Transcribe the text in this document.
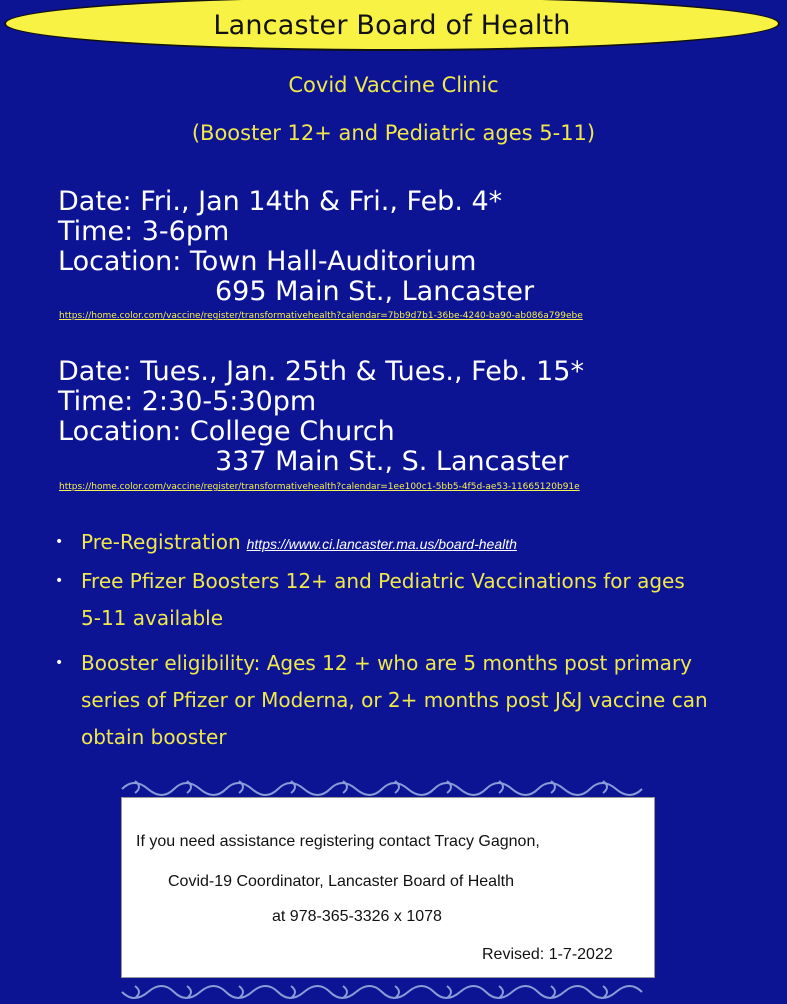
Lancaster Board of Health
Covid Vaccine Clinic
(Booster 12+ and Pediatric ages 5-11)
Date: Fri., Jan 14th & Fri., Feb. 4*
Time: 3-6pm
Location: Town Hall-Auditorium
695 Main St., Lancaster
https://home.color.com/vaccine/register/transformativehealth?calendar=7bb9d7b1-36be-4240-ba90-ab086a799ebe
Date: Tues., Jan. 25th & Tues., Feb. 15*
Time: 2:30-5:30pm
Location: College Church
337 Main St., S. Lancaster
https://home.color.com/vaccine/register/transformativehealth?calendar=1ee100c1-5bb5-4f5d-ae53-11665120b91e
• Pre-Registration https://www.ci.lancaster.ma.us/board-health
• Free Pfizer Boosters 12+ and Pediatric Vaccinations for ages
5-11 available
• Booster eligibility: Ages 12 + who are 5 months post primary
series of Pfizer or Moderna, or 2+ months post J&J vaccine can
obtain booster
If you need assistance registering contact Tracy Gagnon,
Covid-19 Coordinator, Lancaster Board of Health
at 978-365-3326 x 1078
Revised: 1-7-2022
